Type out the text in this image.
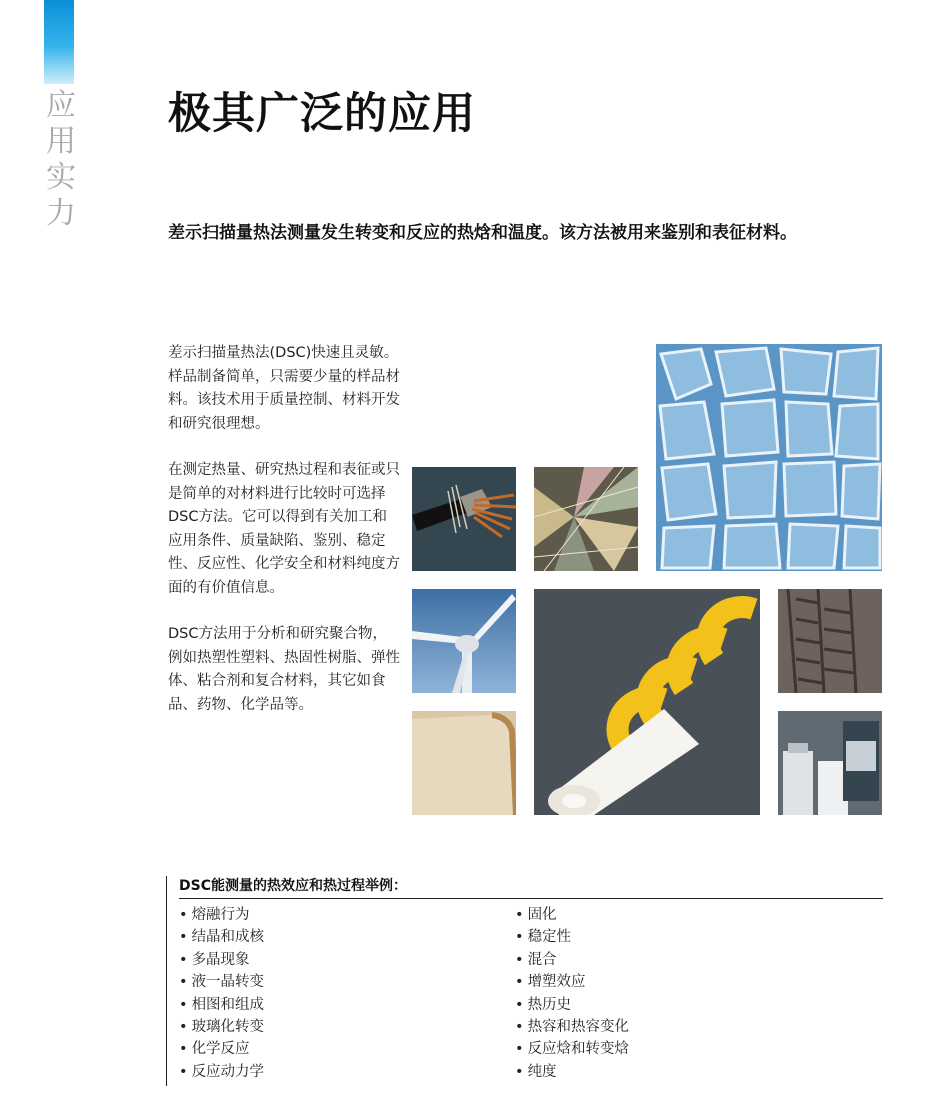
应
用
实
力
极其广泛的应用

差示扫描量热法测量发生转变和反应的热焓和温度。该方法被用来鉴别和表征材料。

差示扫描量热法(DSC)快速且灵敏。样品制备简单，只需要少量的样品材料。该技术用于质量控制、材料开发和研究很理想。

在测定热量、研究热过程和表征或只是简单的对材料进行比较时可选择DSC方法。它可以得到有关加工和应用条件、质量缺陷、鉴别、稳定性、反应性、化学安全和材料纯度方面的有价值信息。

DSC方法用于分析和研究聚合物，例如热塑性塑料、热固性树脂、弹性体、粘合剂和复合材料，其它如食品、药物、化学品等。

DSC能测量的热效应和热过程举例：
• 熔融行为
• 结晶和成核
• 多晶现象
• 液一晶转变
• 相图和组成
• 玻璃化转变
• 化学反应
• 反应动力学
• 固化
• 稳定性
• 混合
• 增塑效应
• 热历史
• 热容和热容变化
• 反应焓和转变焓
• 纯度
